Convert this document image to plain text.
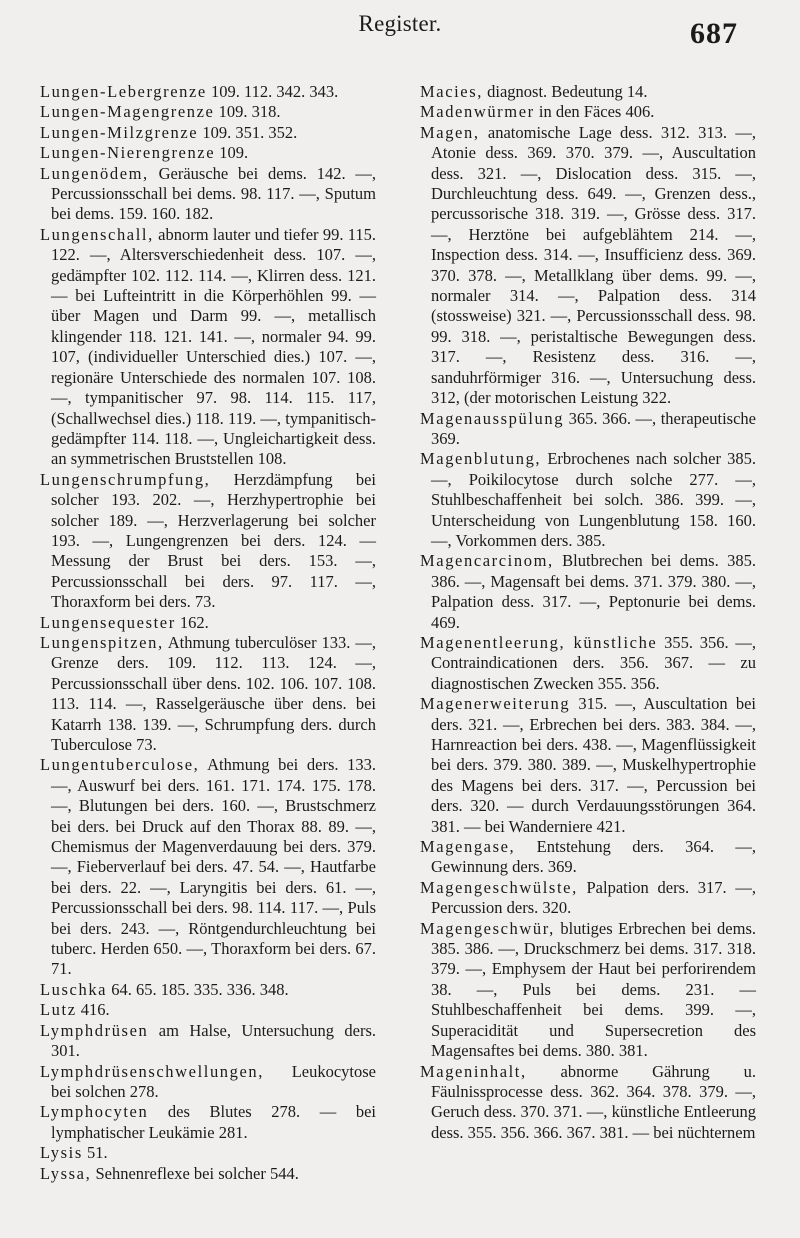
Register.	687

Lungen-Lebergrenze 109. 112. 342. 343.

Lungen-Magengrenze 109. 318.

Lungen-Milzgrenze 109. 351. 352.

Lungen-Nierengrenze 109.

Lungenödem, Geräusche bei dems. 142. —, Percussionsschall bei dems. 98. 117. —, Sputum bei dems. 159. 160. 182.

Lungenschall, abnorm lauter und tiefer 99. 115. 122. —, Altersverschiedenheit dess. 107. —, gedämpfter 102. 112. 114. —, Klirren dess. 121. — bei Lufteintritt in die Körperhöhlen 99. — über Magen und Darm 99. —, metallisch klingender 118. 121. 141. —, normaler 94. 99. 107, (individueller Unterschied dies.) 107. —, regionäre Unterschiede des normalen 107. 108. —, tympanitischer 97. 98. 114. 115. 117, (Schallwechsel dies.) 118. 119. —, tympanitisch-gedämpfter 114. 118. —, Ungleichartigkeit dess. an symmetrischen Bruststellen 108.

Lungenschrumpfung, Herzdämpfung bei solcher 193. 202. —, Herzhypertrophie bei solcher 189. —, Herzverlagerung bei solcher 193. —, Lungengrenzen bei ders. 124. — Messung der Brust bei ders. 153. —, Percussionsschall bei ders. 97. 117. —, Thoraxform bei ders. 73.

Lungensequester 162.

Lungenspitzen, Athmung tuberculöser 133. —, Grenze ders. 109. 112. 113. 124. —, Percussionsschall über dens. 102. 106. 107. 108. 113. 114. —, Rasselgeräusche über dens. bei Katarrh 138. 139. —, Schrumpfung ders. durch Tuberculose 73.

Lungentuberculose, Athmung bei ders. 133. —, Auswurf bei ders. 161. 171. 174. 175. 178. —, Blutungen bei ders. 160. —, Brustschmerz bei ders. bei Druck auf den Thorax 88. 89. —, Chemismus der Magenverdauung bei ders. 379. —, Fieberverlauf bei ders. 47. 54. —, Hautfarbe bei ders. 22. —, Laryngitis bei ders. 61. —, Percussionsschall bei ders. 98. 114. 117. —, Puls bei ders. 243. —, Röntgendurchleuchtung bei tuberc. Herden 650. —, Thoraxform bei ders. 67. 71.

Luschka 64. 65. 185. 335. 336. 348.

Lutz 416.

Lymphdrüsen am Halse, Untersuchung ders. 301.

Lymphdrüsenschwellungen, Leukocytose bei solchen 278.

Lymphocyten des Blutes 278. — bei lymphatischer Leukämie 281.

Lysis 51.

Lyssa, Sehnenreflexe bei solcher 544.

Macies, diagnost. Bedeutung 14.

Madenwürmer in den Fäces 406.

Magen, anatomische Lage dess. 312. 313. —, Atonie dess. 369. 370. 379. —, Auscultation dess. 321. —, Dislocation dess. 315. —, Durchleuchtung dess. 649. —, Grenzen dess., percussorische 318. 319. —, Grösse dess. 317. —, Herztöne bei aufgeblähtem 214. —, Inspection dess. 314. —, Insufficienz dess. 369. 370. 378. —, Metallklang über dems. 99. —, normaler 314. —, Palpation dess. 314 (stossweise) 321. —, Percussionsschall dess. 98. 99. 318. —, peristaltische Bewegungen dess. 317. —, Resistenz dess. 316. —, sanduhrförmiger 316. —, Untersuchung dess. 312, (der motorischen Leistung 322.

Magenausspülung 365. 366. —, therapeutische 369.

Magenblutung, Erbrochenes nach solcher 385. —, Poikilocytose durch solche 277. —, Stuhlbeschaffenheit bei solch. 386. 399. —, Unterscheidung von Lungenblutung 158. 160. —, Vorkommen ders. 385.

Magencarcinom, Blutbrechen bei dems. 385. 386. —, Magensaft bei dems. 371. 379. 380. —, Palpation dess. 317. —, Peptonurie bei dems. 469.

Magenentleerung, künstliche 355. 356. —, Contraindicationen ders. 356. 367. — zu diagnostischen Zwecken 355. 356.

Magenerweiterung 315. —, Auscultation bei ders. 321. —, Erbrechen bei ders. 383. 384. —, Harnreaction bei ders. 438. —, Magenflüssigkeit bei ders. 379. 380. 389. —, Muskelhypertrophie des Magens bei ders. 317. —, Percussion bei ders. 320. — durch Verdauungsstörungen 364. 381. — bei Wanderniere 421.

Magengase, Entstehung ders. 364. —, Gewinnung ders. 369.

Magengeschwülste, Palpation ders. 317. —, Percussion ders. 320.

Magengeschwür, blutiges Erbrechen bei dems. 385. 386. —, Druckschmerz bei dems. 317. 318. 379. —, Emphysem der Haut bei perforirendem 38. —, Puls bei dems. 231. — Stuhlbeschaffenheit bei dems. 399. —, Superacidität und Supersecretion des Magensaftes bei dems. 380. 381.

Mageninhalt, abnorme Gährung u. Fäulnissprocesse dess. 362. 364. 378. 379. —, Geruch dess. 370. 371. —, künstliche Entleerung dess. 355. 356. 366. 367. 381. — bei nüchternem
